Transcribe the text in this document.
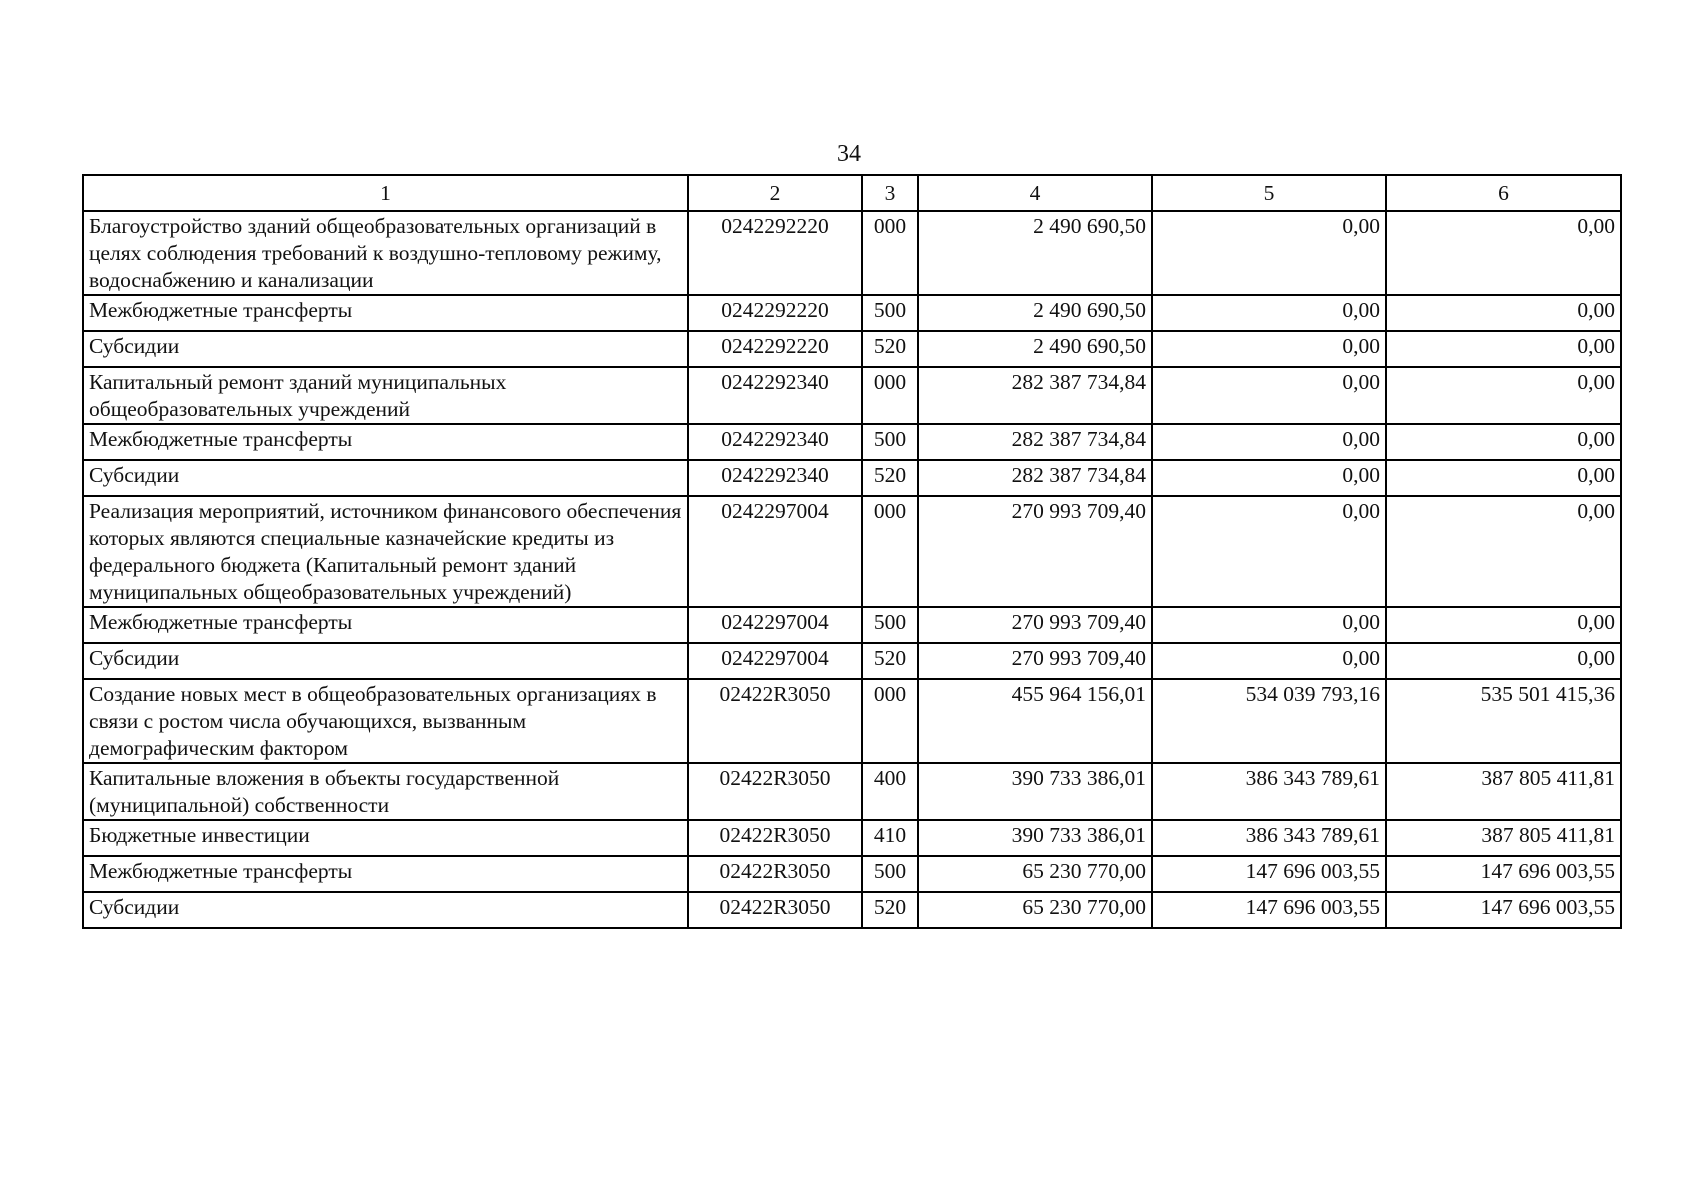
34
1	2	3	4	5	6
Благоустройство зданий общеобразовательных организаций в целях соблюдения требований к воздушно-тепловому режиму, водоснабжению и канализации	0242292220	000	2 490 690,50	0,00	0,00
Межбюджетные трансферты	0242292220	500	2 490 690,50	0,00	0,00
Субсидии	0242292220	520	2 490 690,50	0,00	0,00
Капитальный ремонт зданий муниципальных общеобразовательных учреждений	0242292340	000	282 387 734,84	0,00	0,00
Межбюджетные трансферты	0242292340	500	282 387 734,84	0,00	0,00
Субсидии	0242292340	520	282 387 734,84	0,00	0,00
Реализация мероприятий, источником финансового обеспечения которых являются специальные казначейские кредиты из федерального бюджета (Капитальный ремонт зданий муниципальных общеобразовательных учреждений)	0242297004	000	270 993 709,40	0,00	0,00
Межбюджетные трансферты	0242297004	500	270 993 709,40	0,00	0,00
Субсидии	0242297004	520	270 993 709,40	0,00	0,00
Создание новых мест в общеобразовательных организациях в связи с ростом числа обучающихся, вызванным демографическим фактором	02422R3050	000	455 964 156,01	534 039 793,16	535 501 415,36
Капитальные вложения в объекты государственной (муниципальной) собственности	02422R3050	400	390 733 386,01	386 343 789,61	387 805 411,81
Бюджетные инвестиции	02422R3050	410	390 733 386,01	386 343 789,61	387 805 411,81
Межбюджетные трансферты	02422R3050	500	65 230 770,00	147 696 003,55	147 696 003,55
Субсидии	02422R3050	520	65 230 770,00	147 696 003,55	147 696 003,55
